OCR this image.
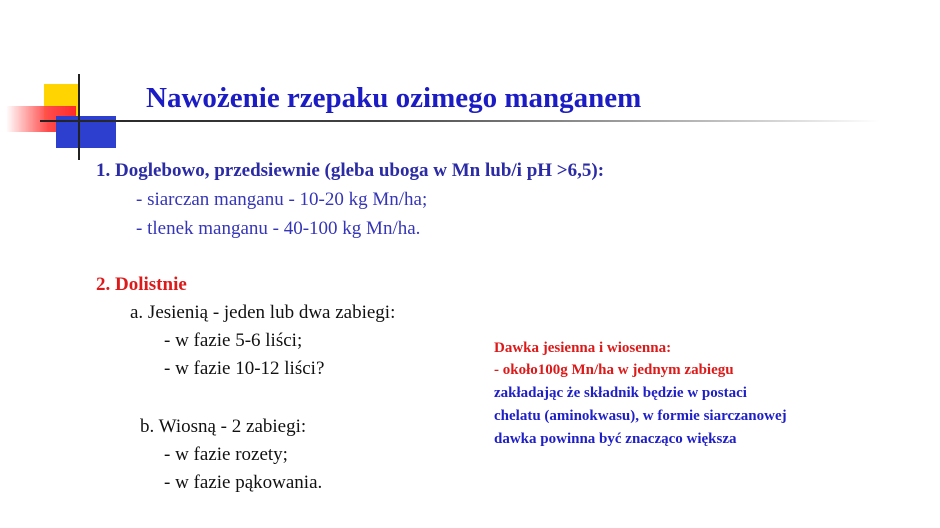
Nawożenie rzepaku ozimego manganem
1. Doglebowo, przedsiewnie (gleba uboga w Mn lub/i pH >6,5):
- siarczan manganu - 10-20 kg Mn/ha;
- tlenek manganu - 40-100 kg Mn/ha.
2. Dolistnie
a. Jesienią - jeden lub dwa zabiegi:
- w fazie 5-6 liści;
- w fazie 10-12 liści?
b. Wiosną - 2 zabiegi:
- w fazie rozety;
- w fazie pąkowania.
Dawka jesienna i wiosenna:
- około100g Mn/ha w jednym zabiegu
zakładając że składnik będzie w postaci
chelatu (aminokwasu), w formie siarczanowej
dawka powinna być znacząco większa
